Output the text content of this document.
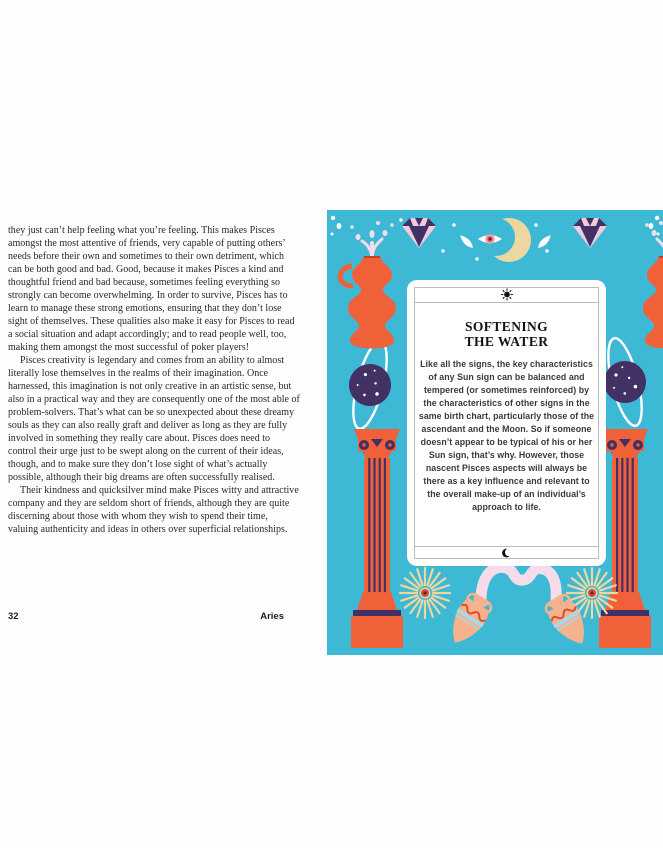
they just can’t help feeling what you’re feeling. This makes Pisces amongst the most attentive of friends, very capable of putting others’ needs before their own and sometimes to their own detriment, which can be both good and bad. Good, because it makes Pisces a kind and thoughtful friend and bad because, sometimes feeling everything so strongly can become overwhelming. In order to survive, Pisces has to learn to manage these strong emotions, ensuring that they don’t lose sight of themselves. These qualities also make it easy for Pisces to read a social situation and adapt accordingly; and to read people well, too, making them amongst the most successful of poker players!

Pisces creativity is legendary and comes from an ability to almost literally lose themselves in the realms of their imagination. Once harnessed, this imagination is not only creative in an artistic sense, but also in a practical way and they are consequently one of the most able of problem-solvers. That’s what can be so unexpected about these dreamy souls as they can also really graft and deliver as long as they are fully involved in something they really care about. Pisces does need to control their urge just to be swept along on the current of their ideas, though, and to make sure they don’t lose sight of what’s actually possible, although their big dreams are often successfully realised.

Their kindness and quicksilver mind make Pisces witty and attractive company and they are seldom short of friends, although they are quite discerning about those with whom they wish to spend their time, valuing authenticity and ideas in others over superficial relationships.

32	Aries
SOFTENING
THE WATER

Like all the signs, the key characteristics of any Sun sign can be balanced and tempered (or sometimes reinforced) by the characteristics of other signs in the same birth chart, particularly those of the ascendant and the Moon. So if someone doesn’t appear to be typical of his or her Sun sign, that’s why. However, those nascent Pisces aspects will always be there as a key influence and relevant to the overall make-up of an individual’s approach to life.
